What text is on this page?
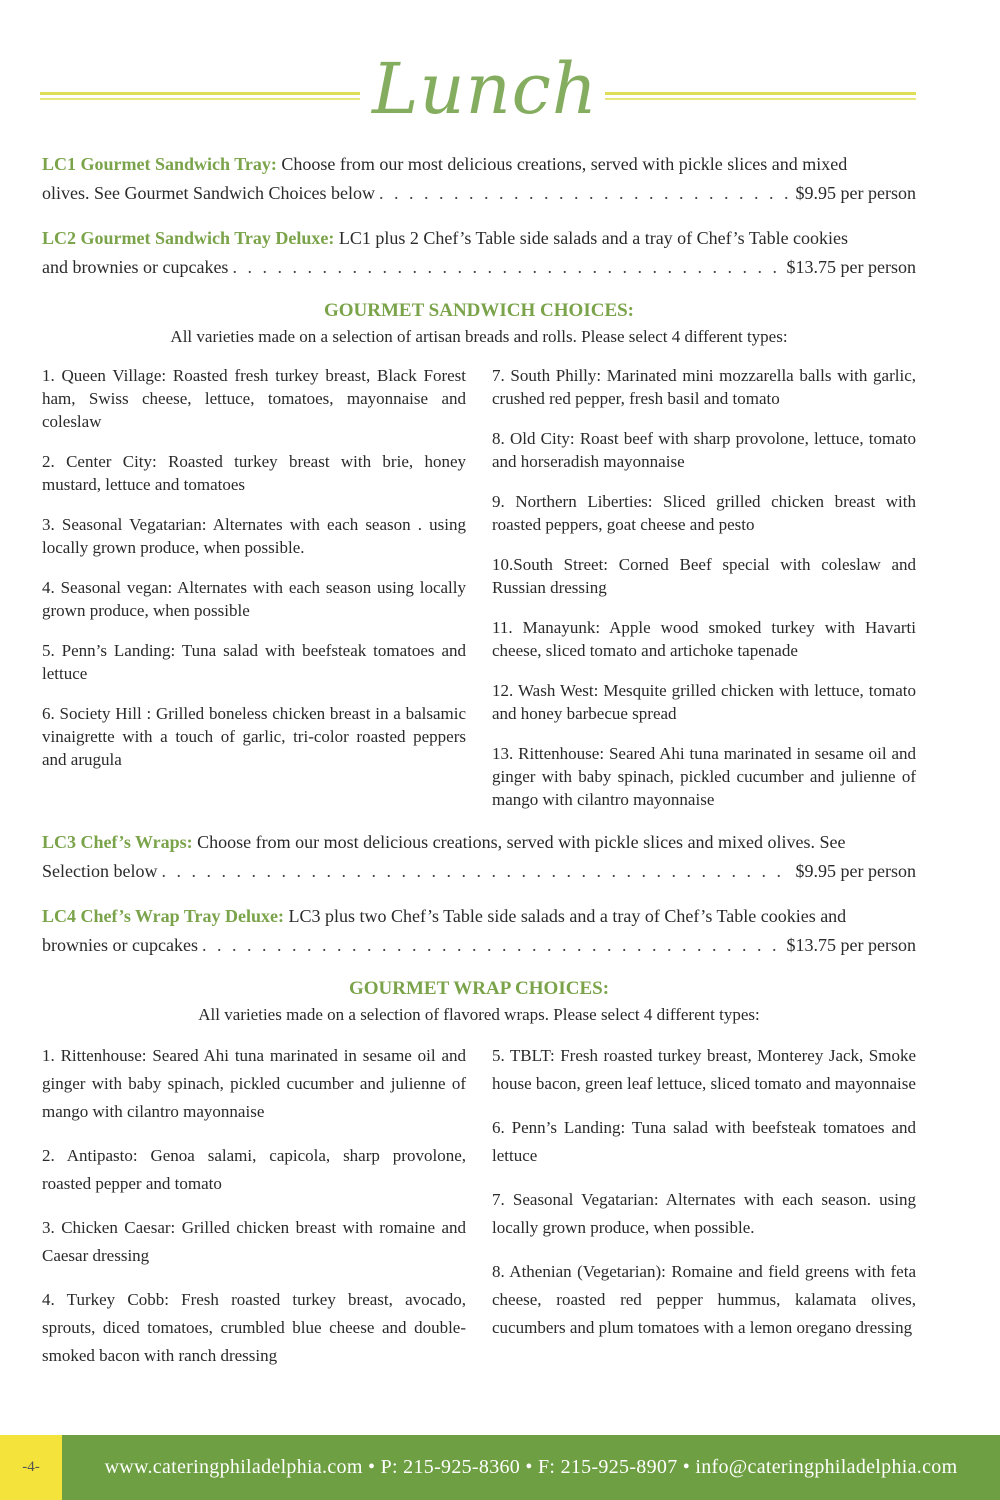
Lunch
LC1 Gourmet Sandwich Tray: Choose from our most delicious creations, served with pickle slices and mixed
olives. See Gourmet Sandwich Choices below . . .	$9.95 per person
LC2 Gourmet Sandwich Tray Deluxe: LC1 plus 2 Chef’s Table side salads and a tray of Chef’s Table cookies
and brownies or cupcakes . . .	$13.75 per person
GOURMET SANDWICH CHOICES:
All varieties made on a selection of artisan breads and rolls. Please select 4 different types:
1. Queen Village: Roasted fresh turkey breast, Black Forest ham, Swiss cheese, lettuce, tomatoes, mayonnaise and coleslaw
2. Center City: Roasted turkey breast with brie, honey mustard, lettuce and tomatoes
3. Seasonal Vegatarian: Alternates with each season . using locally grown produce, when possible.
4. Seasonal vegan: Alternates with each season using locally grown produce, when possible
5. Penn’s Landing: Tuna salad with beefsteak tomatoes and lettuce
6. Society Hill : Grilled boneless chicken breast in a balsamic vinaigrette with a touch of garlic, tri-color roasted peppers and arugula
7. South Philly: Marinated mini mozzarella balls with garlic, crushed red pepper, fresh basil and tomato
8. Old City: Roast beef with sharp provolone, lettuce, tomato and horseradish mayonnaise
9. Northern Liberties: Sliced grilled chicken breast with roasted peppers, goat cheese and pesto
10.South Street: Corned Beef special with coleslaw and Russian dressing
11. Manayunk: Apple wood smoked turkey with Havarti cheese, sliced tomato and artichoke tapenade
12. Wash West: Mesquite grilled chicken with lettuce, tomato and honey barbecue spread
13. Rittenhouse: Seared Ahi tuna marinated in sesame oil and ginger with baby spinach, pickled cucumber and julienne of mango with cilantro mayonnaise
LC3 Chef’s Wraps: Choose from our most delicious creations, served with pickle slices and mixed olives. See
Selection below . . .	$9.95 per person
LC4 Chef’s Wrap Tray Deluxe: LC3 plus two Chef’s Table side salads and a tray of Chef’s Table cookies and
brownies or cupcakes . . .	$13.75 per person
GOURMET WRAP CHOICES:
All varieties made on a selection of flavored wraps. Please select 4 different types:
1. Rittenhouse: Seared Ahi tuna marinated in sesame oil and ginger with baby spinach, pickled cucumber and julienne of mango with cilantro mayonnaise
2. Antipasto: Genoa salami, capicola, sharp provolone, roasted pepper and tomato
3. Chicken Caesar: Grilled chicken breast with romaine and Caesar dressing
4. Turkey Cobb: Fresh roasted turkey breast, avocado, sprouts, diced tomatoes, crumbled blue cheese and double-smoked bacon with ranch dressing
5. TBLT: Fresh roasted turkey breast, Monterey Jack, Smoke house bacon, green leaf lettuce, sliced tomato and mayonnaise
6. Penn’s Landing: Tuna salad with beefsteak tomatoes and lettuce
7. Seasonal Vegatarian: Alternates with each season. using locally grown produce, when possible.
8. Athenian (Vegetarian): Romaine and field greens with feta cheese, roasted red pepper hummus, kalamata olives, cucumbers and plum tomatoes with a lemon oregano dressing
-4-	www.cateringphiladelphia.com • P: 215-925-8360 • F: 215-925-8907 • info@cateringphiladelphia.com
